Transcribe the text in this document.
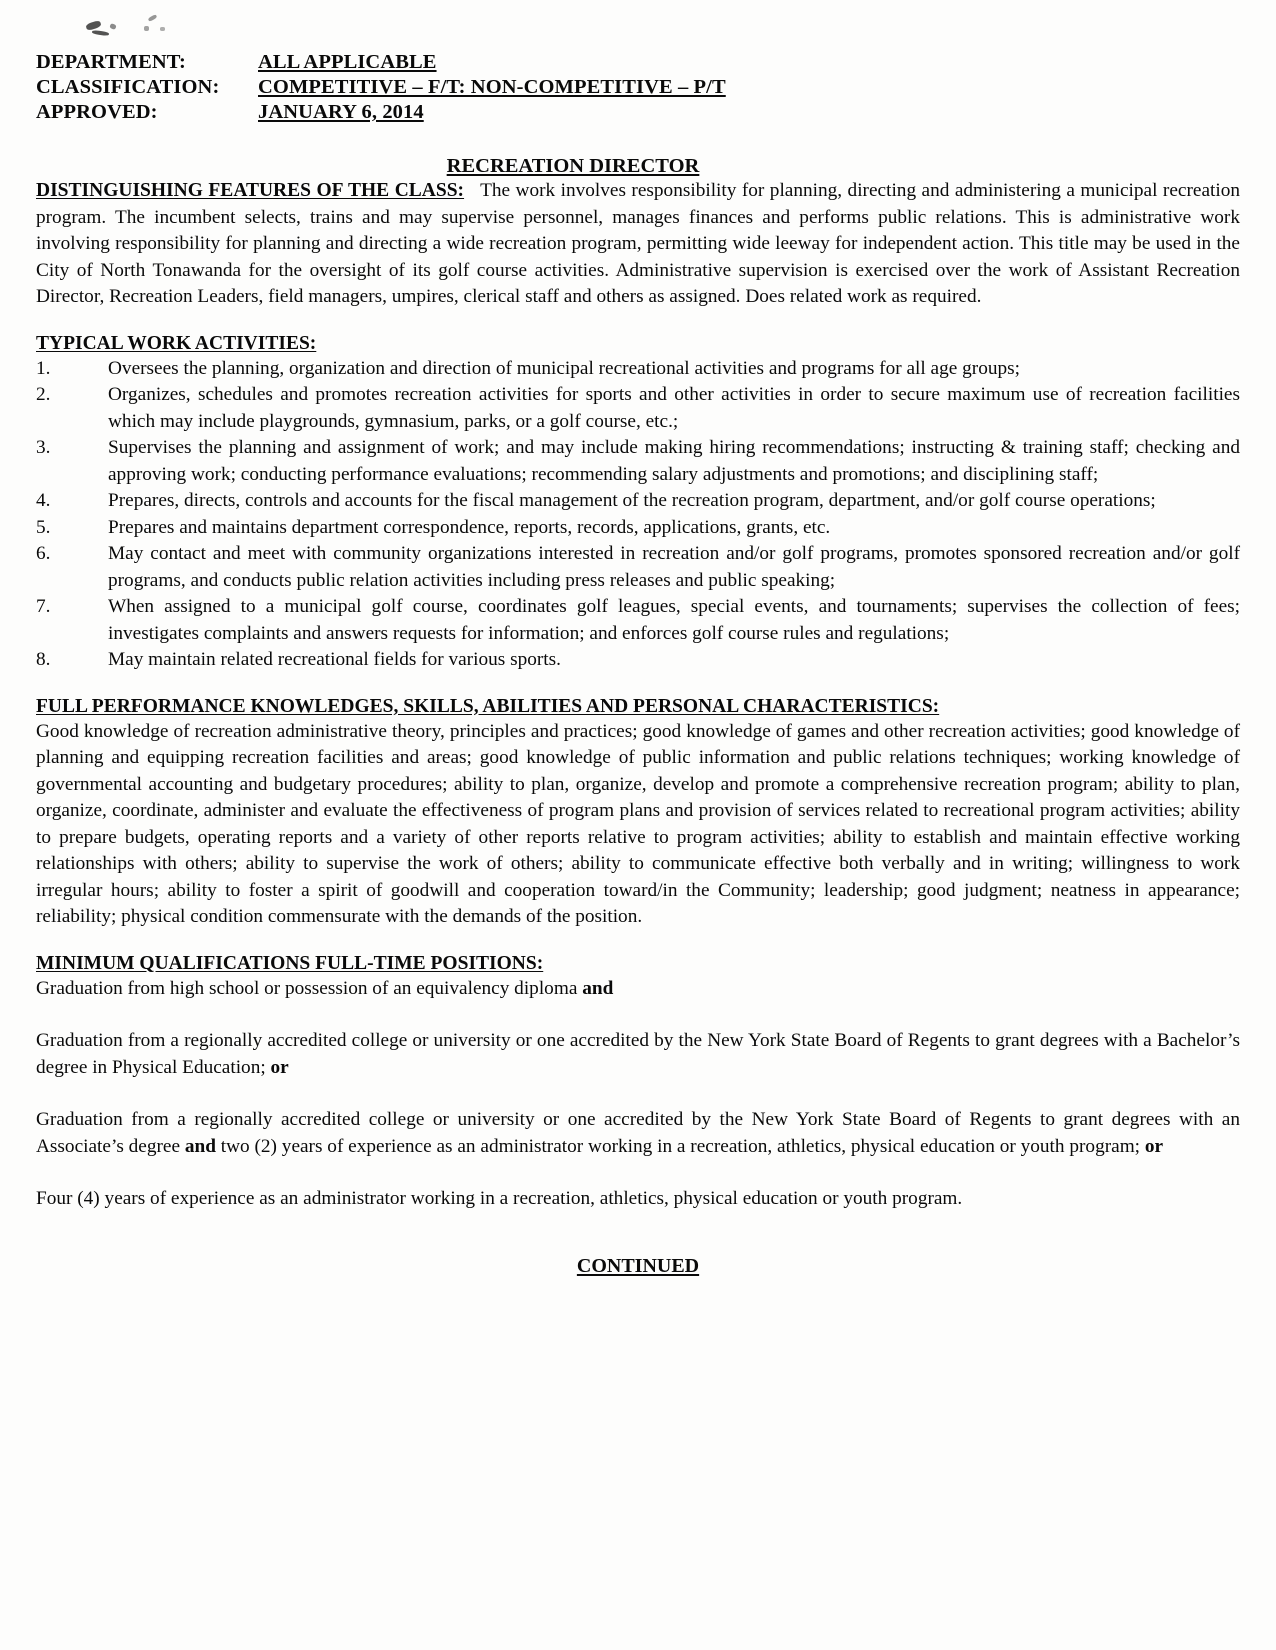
DEPARTMENT:	ALL APPLICABLE
CLASSIFICATION:	COMPETITIVE – F/T: NON-COMPETITIVE – P/T
APPROVED:	JANUARY 6, 2014
RECREATION DIRECTOR

DISTINGUISHING FEATURES OF THE CLASS: The work involves responsibility for planning, directing and administering a municipal recreation program. The incumbent selects, trains and may supervise personnel, manages finances and performs public relations. This is administrative work involving responsibility for planning and directing a wide recreation program, permitting wide leeway for independent action. This title may be used in the City of North Tonawanda for the oversight of its golf course activities. Administrative supervision is exercised over the work of Assistant Recreation Director, Recreation Leaders, field managers, umpires, clerical staff and others as assigned. Does related work as required.

TYPICAL WORK ACTIVITIES:
1.	Oversees the planning, organization and direction of municipal recreational activities and programs for all age groups;
2.	Organizes, schedules and promotes recreation activities for sports and other activities in order to secure maximum use of recreation facilities which may include playgrounds, gymnasium, parks, or a golf course, etc.;
3.	Supervises the planning and assignment of work; and may include making hiring recommendations; instructing & training staff; checking and approving work; conducting performance evaluations; recommending salary adjustments and promotions; and disciplining staff;
4.	Prepares, directs, controls and accounts for the fiscal management of the recreation program, department, and/or golf course operations;
5.	Prepares and maintains department correspondence, reports, records, applications, grants, etc.
6.	May contact and meet with community organizations interested in recreation and/or golf programs, promotes sponsored recreation and/or golf programs, and conducts public relation activities including press releases and public speaking;
7.	When assigned to a municipal golf course, coordinates golf leagues, special events, and tournaments; supervises the collection of fees; investigates complaints and answers requests for information; and enforces golf course rules and regulations;
8.	May maintain related recreational fields for various sports.
FULL PERFORMANCE KNOWLEDGES, SKILLS, ABILITIES AND PERSONAL CHARACTERISTICS:

Good knowledge of recreation administrative theory, principles and practices; good knowledge of games and other recreation activities; good knowledge of planning and equipping recreation facilities and areas; good knowledge of public information and public relations techniques; working knowledge of governmental accounting and budgetary procedures; ability to plan, organize, develop and promote a comprehensive recreation program; ability to plan, organize, coordinate, administer and evaluate the effectiveness of program plans and provision of services related to recreational program activities; ability to prepare budgets, operating reports and a variety of other reports relative to program activities; ability to establish and maintain effective working relationships with others; ability to supervise the work of others; ability to communicate effective both verbally and in writing; willingness to work irregular hours; ability to foster a spirit of goodwill and cooperation toward/in the Community; leadership; good judgment; neatness in appearance; reliability; physical condition commensurate with the demands of the position.

MINIMUM QUALIFICATIONS FULL-TIME POSITIONS:

Graduation from high school or possession of an equivalency diploma and

Graduation from a regionally accredited college or university or one accredited by the New York State Board of Regents to grant degrees with a Bachelor’s degree in Physical Education; or

Graduation from a regionally accredited college or university or one accredited by the New York State Board of Regents to grant degrees with an Associate’s degree and two (2) years of experience as an administrator working in a recreation, athletics, physical education or youth program; or

Four (4) years of experience as an administrator working in a recreation, athletics, physical education or youth program.

CONTINUED
